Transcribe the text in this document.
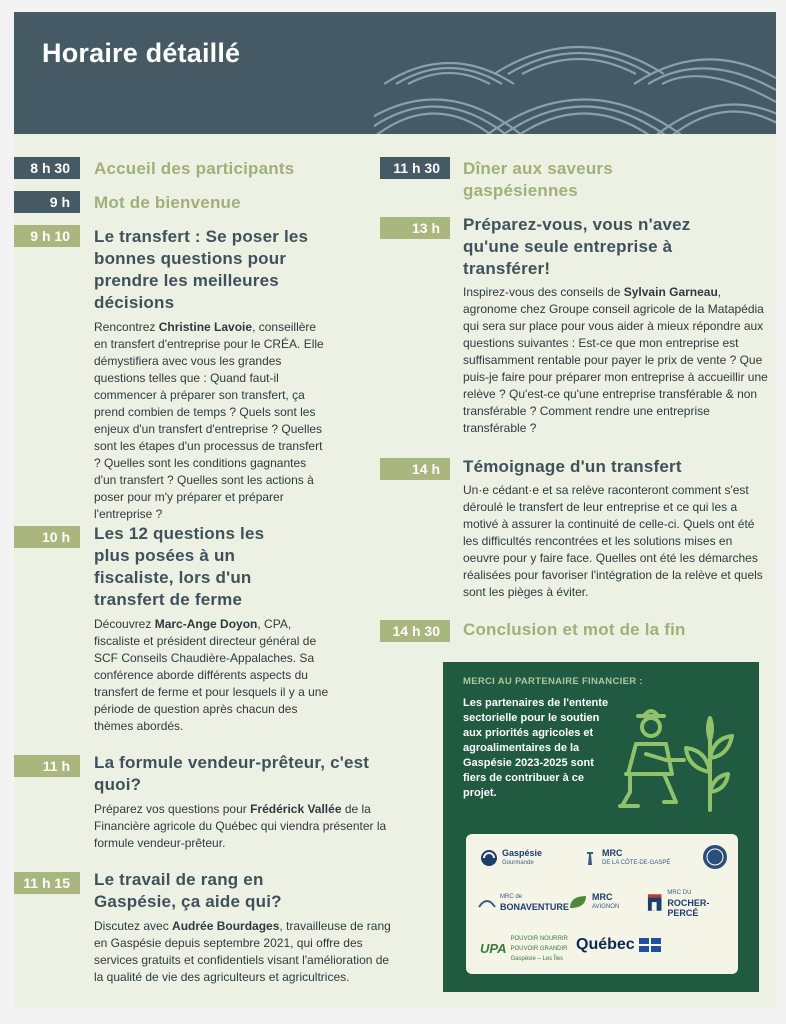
Horaire détaillé
8 h 30	Accueil des participants
9 h	Mot de bienvenue
9 h 10	Le transfert : Se poser les bonnes questions pour prendre les meilleures décisions
Rencontrez Christine Lavoie, conseillère en transfert d'entreprise pour le CRÉA. Elle démystifiera avec vous les grandes questions telles que : Quand faut-il commencer à préparer son transfert, ça prend combien de temps ? Quels sont les enjeux d'un transfert d'entreprise ? Quelles sont les étapes d'un processus de transfert ? Quelles sont les conditions gagnantes d'un transfert ? Quelles sont les actions à poser pour m'y préparer et préparer l'entreprise ?
10 h	Les 12 questions les plus posées à un fiscaliste, lors d'un transfert de ferme
Découvrez Marc-Ange Doyon, CPA, fiscaliste et président directeur général de SCF Conseils Chaudière-Appalaches. Sa conférence aborde différents aspects du transfert de ferme et pour lesquels il y a une période de question après chacun des thèmes abordés.
11 h	La formule vendeur-prêteur, c'est quoi?
Préparez vos questions pour Frédérick Vallée de la Financière agricole du Québec qui viendra présenter la formule vendeur-prêteur.
11 h 15	Le travail de rang en Gaspésie, ça aide qui?
Discutez avec Audrée Bourdages, travailleuse de rang en Gaspésie depuis septembre 2021, qui offre des services gratuits et confidentiels visant l'amélioration de la qualité de vie des agriculteurs et agricultrices.
11 h 30	Dîner aux saveurs gaspésiennes
13 h	Préparez-vous, vous n'avez qu'une seule entreprise à transférer!
Inspirez-vous des conseils de Sylvain Garneau, agronome chez Groupe conseil agricole de la Matapédia qui sera sur place pour vous aider à mieux répondre aux questions suivantes : Est-ce que mon entreprise est suffisamment rentable pour payer le prix de vente ? Que puis-je faire pour préparer mon entreprise à accueillir une relève ? Qu'est-ce qu'une entreprise transférable & non transférable ? Comment rendre une entreprise transférable ?
14 h	Témoignage d'un transfert
Un·e cédant·e et sa relève raconteront comment s'est déroulé le transfert de leur entreprise et ce qui les a motivé à assurer la continuité de celle-ci. Quels ont été les difficultés rencontrées et les solutions mises en oeuvre pour y faire face. Quelles ont été les démarches réalisées pour favoriser l'intégration de la relève et quels sont les pièges à éviter.
14 h 30	Conclusion et mot de la fin
MERCI AU PARTENAIRE FINANCIER :
Les partenaires de l'entente sectorielle pour le soutien aux priorités agricoles et agroalimentaires de la Gaspésie 2023-2025 sont fiers de contribuer à ce projet.
Gaspésie
Gourmande
MRC
DE LA CÔTE-DE-GASPÉ
MRC de
BONAVENTURE
MRC
AVIGNON
MRC DU
ROCHER-PERCÉ
UPA
POUVOIR NOURRIR
POUVOIR GRANDIR
Gaspésie – Les Îles
Québec
